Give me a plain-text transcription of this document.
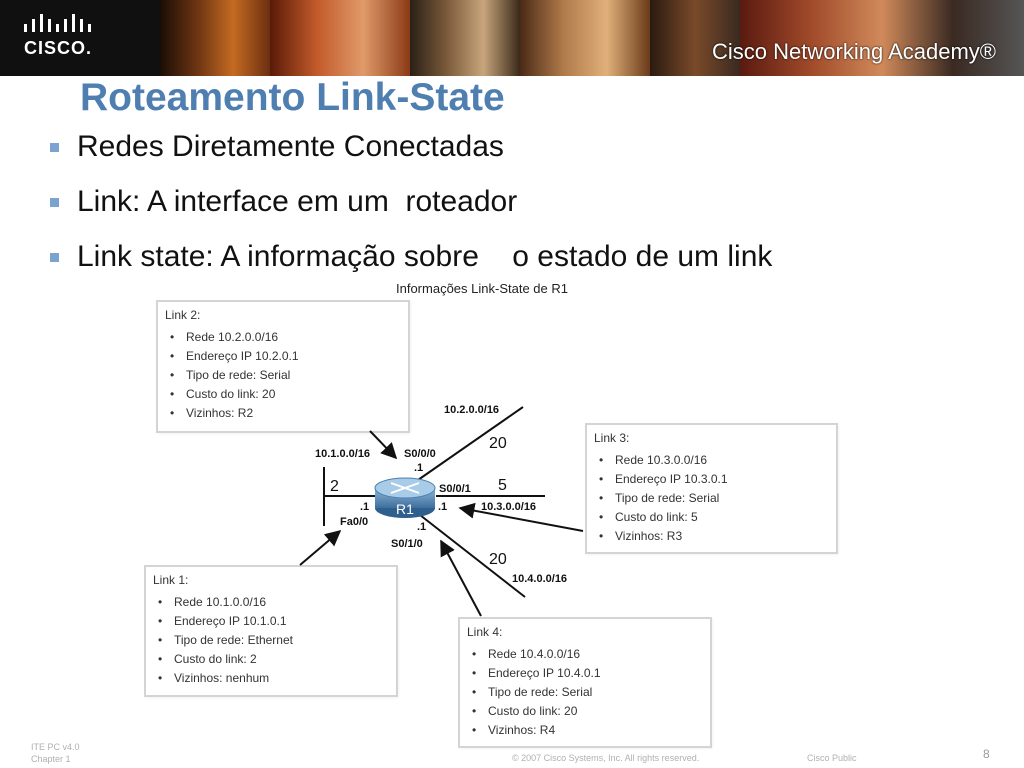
CISCO.	Cisco Networking Academy®
Roteamento Link-State

Redes Diretamente Conectadas

Link: A interface em um  roteador

Link state: A informação sobre    o estado de um link

Informações Link-State de R1
Link 2:
• Rede 10.2.0.0/16
• Endereço IP 10.2.0.1
• Tipo de rede: Serial
• Custo do link: 20
• Vizinhos: R2
Link 3:
• Rede 10.3.0.0/16
• Endereço IP 10.3.0.1
• Tipo de rede: Serial
• Custo do link: 5
• Vizinhos: R3
Link 1:
• Rede 10.1.0.0/16
• Endereço IP 10.1.0.1
• Tipo de rede: Ethernet
• Custo do link: 2
• Vizinhos: nenhum
Link 4:
• Rede 10.4.0.0/16
• Endereço IP 10.4.0.1
• Tipo de rede: Serial
• Custo do link: 20
• Vizinhos: R4
R1
10.2.0.0/16
10.1.0.0/16
10.3.0.0/16
10.4.0.0/16
S0/0/0
S0/0/1
Fa0/0
S0/1/0
.1
.1
.1
.1
20
5
2
20
ITE PC v4.0
Chapter 1	© 2007 Cisco Systems, Inc. All rights reserved.	Cisco Public	8
